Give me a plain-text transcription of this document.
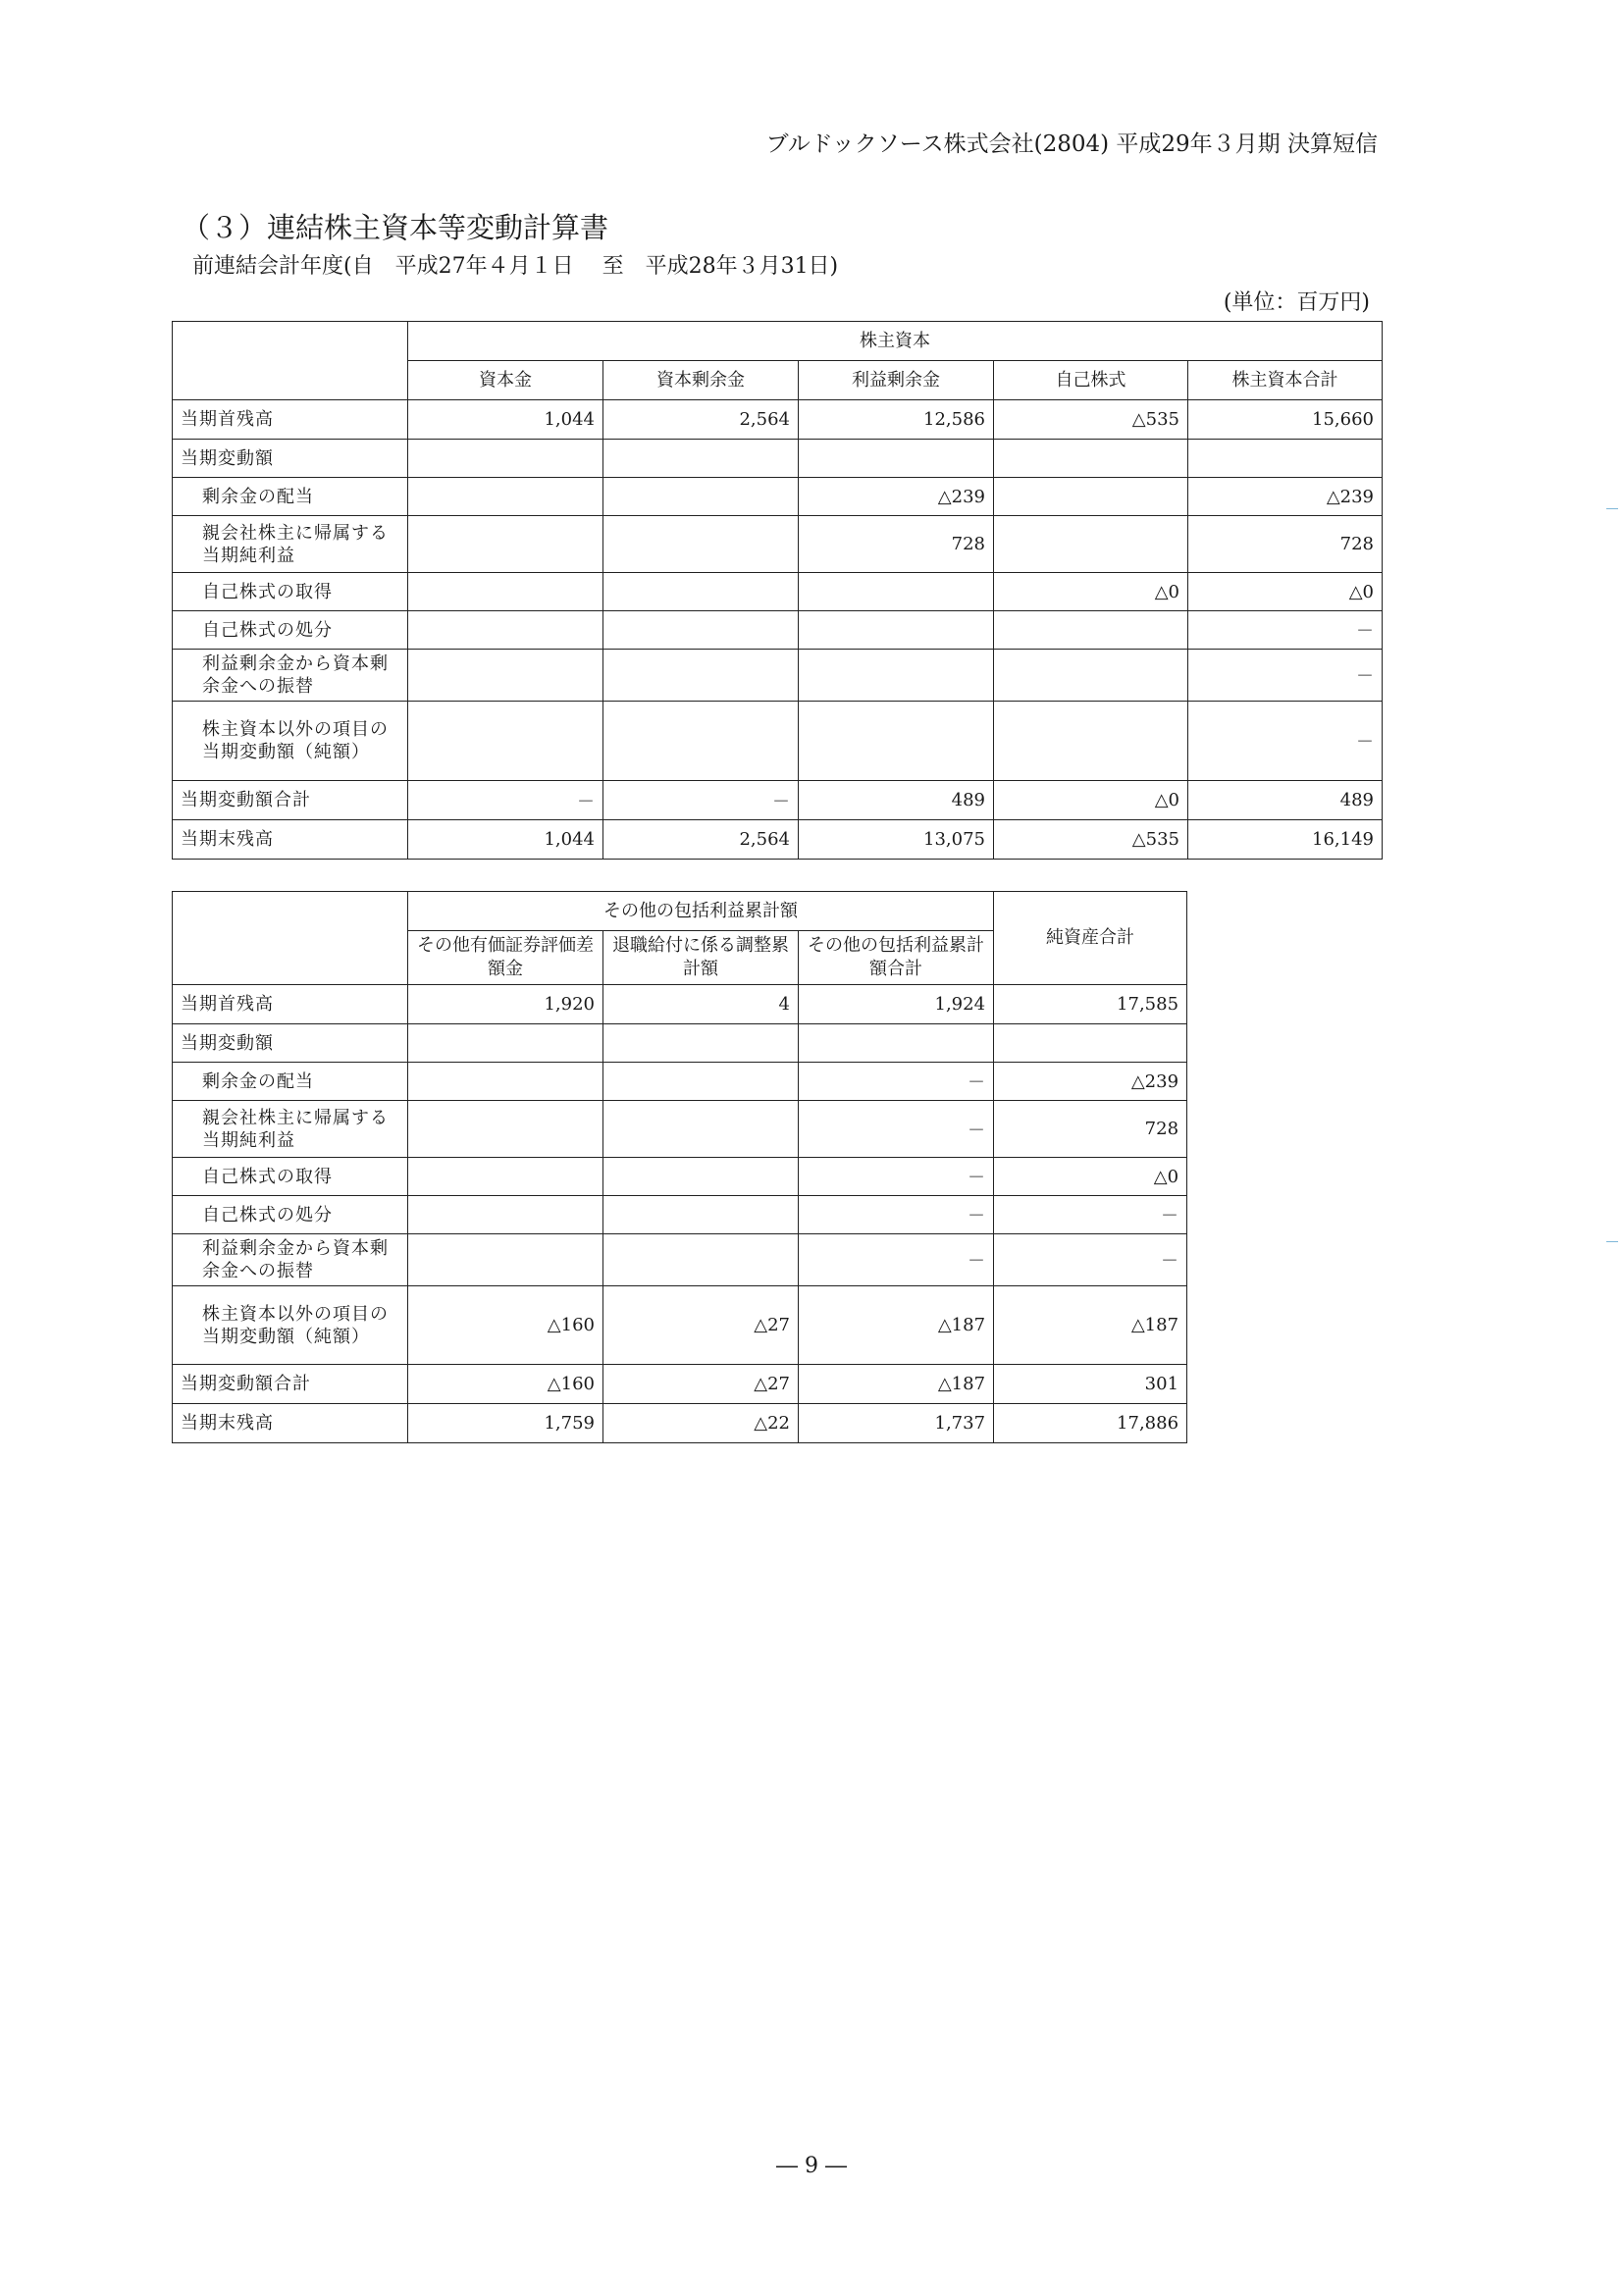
ブルドックソース株式会社(2804) 平成29年３月期 決算短信
（３）連結株主資本等変動計算書
前連結会計年度(自　平成27年４月１日　 至　平成28年３月31日)
(単位：百万円)
	株主資本				
	資本金	資本剰余金	利益剰余金	自己株式	株主資本合計
当期首残高	1,044	2,564	12,586	△535	15,660
当期変動額					
剰余金の配当			△239		△239
親会社株主に帰属する当期純利益			728		728
自己株式の取得				△0	△0
自己株式の処分					－
利益剰余金から資本剰余金への振替					－
株主資本以外の項目の当期変動額（純額）					－
当期変動額合計	－	－	489	△0	489
当期末残高	1,044	2,564	13,075	△535	16,149
	その他の包括利益累計額			純資産合計
	その他有価証券評価差額金	退職給付に係る調整累計額	その他の包括利益累計額合計	
当期首残高	1,920	4	1,924	17,585
当期変動額				
剰余金の配当			－	△239
親会社株主に帰属する当期純利益			－	728
自己株式の取得			－	△0
自己株式の処分			－	－
利益剰余金から資本剰余金への振替			－	－
株主資本以外の項目の当期変動額（純額）	△160	△27	△187	△187
当期変動額合計	△160	△27	△187	301
当期末残高	1,759	△22	1,737	17,886
― 9 ―
